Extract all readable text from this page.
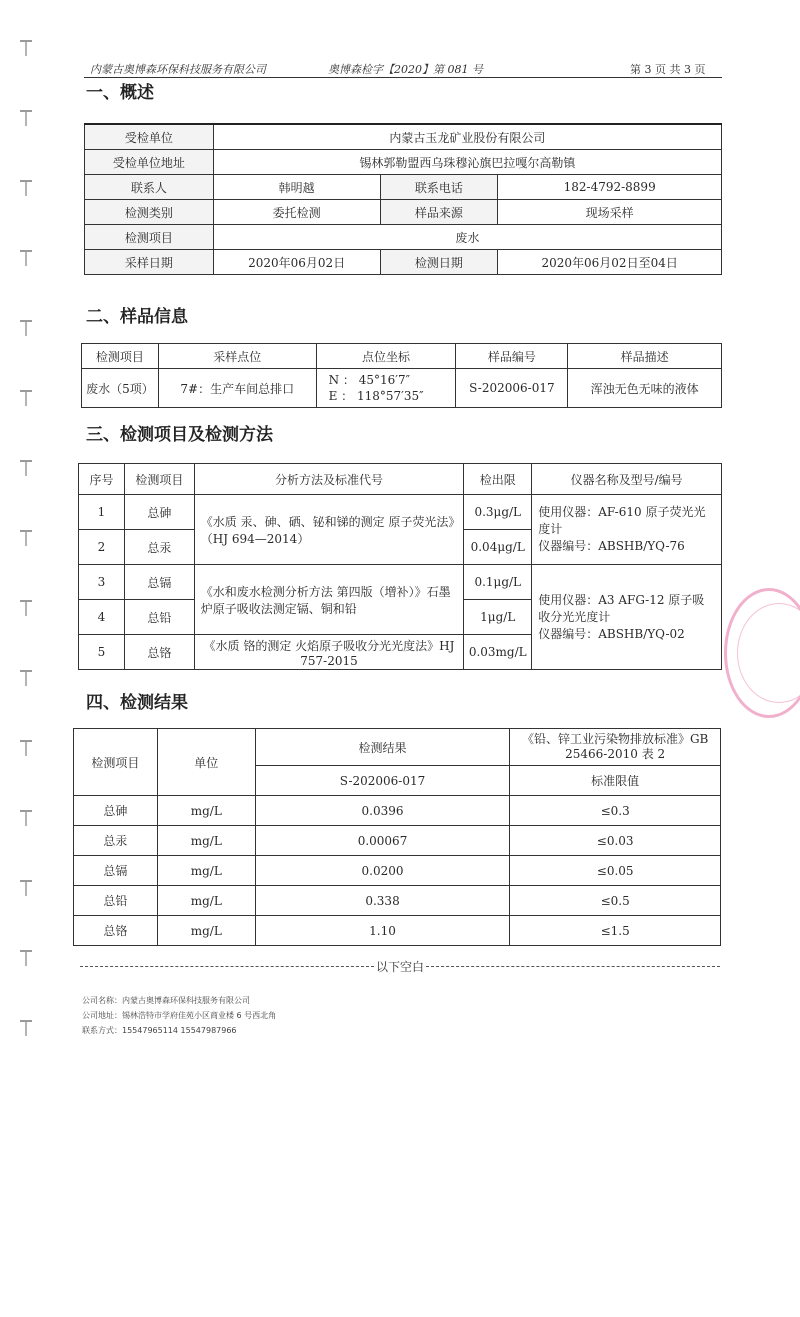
内蒙古奥博森环保科技服务有限公司	奥博森检字【2020】第 081 号	第 3 页 共 3 页
一、概述
受检单位	内蒙古玉龙矿业股份有限公司		
受检单位地址	锡林郭勒盟西乌珠穆沁旗巴拉嘎尔高勒镇		
联系人	韩明越	联系电话	182-4792-8899
检测类别	委托检测	样品来源	现场采样
检测项目	废水		
采样日期	2020年06月02日	检测日期	2020年06月02日至04日
二、样品信息
检测项目	采样点位	点位坐标	样品编号	样品描述
废水（5项）	7#：生产车间总排口	N ： 45°16′7″
E ： 118°57′35″	S-202006-017	浑浊无色无味的液体
三、检测项目及检测方法
序号	检测项目	分析方法及标准代号	检出限	仪器名称及型号/编号
1	总砷	《水质 汞、砷、硒、铋和锑的测定 原子荧光法》（HJ 694—2014）	0.3μg/L	使用仪器：AF-610 原子荧光光度计
仪器编号：ABSHB/YQ-76

2	总汞		0.04μg/L	
3	总镉	《水和废水检测分析方法 第四版（增补）》石墨炉原子吸收法测定镉、铜和铅	0.1μg/L	使用仪器：A3 AFG-12 原子吸收分光光度计
仪器编号：ABSHB/YQ-02

4	总铅		1μg/L	
5	总铬	《水质 铬的测定 火焰原子吸收分光光度法》HJ 757-2015	0.03mg/L	
四、检测结果
检测项目	单位	检测结果	《铅、锌工业污染物排放标准》GB 25466-2010 表 2
		S-202006-017	标准限值
总砷	mg/L	0.0396	≤0.3
总汞	mg/L	0.00067	≤0.03
总镉	mg/L	0.0200	≤0.05
总铅	mg/L	0.338	≤0.5
总铬	mg/L	1.10	≤1.5
以下空白
公司名称：内蒙古奥博森环保科技服务有限公司
公司地址：锡林浩特市学府佳苑小区商业楼 6 号西北角
联系方式：15547965114 15547987966
